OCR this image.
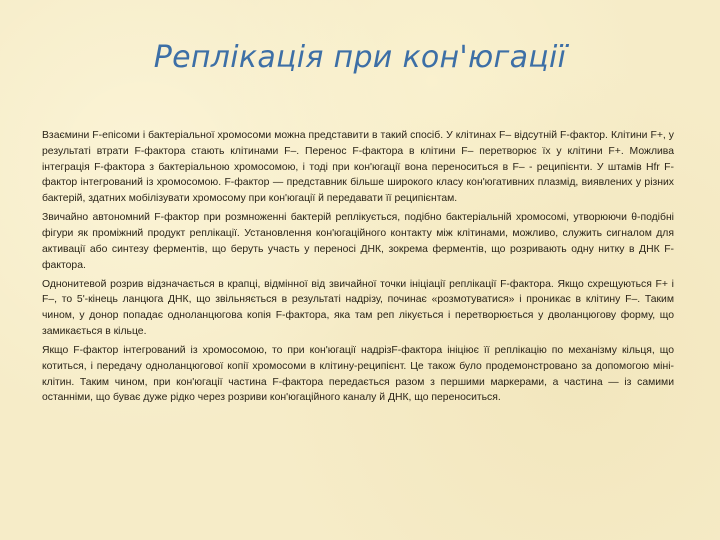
Реплікація при кон'югації

Взаємини F-епісоми і бактеріальної хромосоми можна представити в такий спосіб. У клітинах F– відсутній F-фактор. Клітини F+, у результаті втрати F-фактора стають клітинами F–. Перенос F-фактора в клітини F– перетворює їх у клітини F+. Можлива інтеграція F-фактора з бактеріальною хромосомою, і тоді при кон'югації вона переноситься в F– - реципієнти. У штамів Hfr F-фактор інтегрований із хромосомою. F-фактор — представник більше широкого класу кон'югативних плазмід, виявлених у різних бактерій, здатних мобілізувати хромосому при кон'югації й передавати її реципієнтам.

Звичайно автономний F-фактор при розмноженні бактерій реплікується, подібно бактеріальній хромосомі, утворюючи θ-подібні фігури як проміжний продукт реплікації. Установлення кон'югаційного контакту між клітинами, можливо, служить сигналом для активації або синтезу ферментів, що беруть участь у переносі ДНК, зокрема ферментів, що розривають одну нитку в ДНК F-фактора.

Однонитевой розрив відзначається в крапці, відмінної від звичайної точки ініціації реплікації F-фактора. Якщо схрещуються F+ і F–, то 5'-кінець ланцюга ДНК, що звільняється в результаті надрізу, починає «розмотуватися» і проникає в клітину F–. Таким чином, у донор попадає одноланцюгова копія F-фактора, яка там реп лікується і перетворюється у дволанцюгову форму, що замикається в кільце.

Якщо F-фактор інтегрований із хромосомою, то при кон'югації надрізF-фактора ініціює її реплікацію по механізму кільця, що котиться, і передачу одноланцюгової копії хромосоми в клітину-реципієнт. Це також було продемонстровано за допомогою міні-клітин. Таким чином, при кон'югації частина F-фактора передається разом з першими маркерами, а частина — із самими останніми, що буває дуже рідко через розриви кон'югаційного каналу й ДНК, що переноситься.
